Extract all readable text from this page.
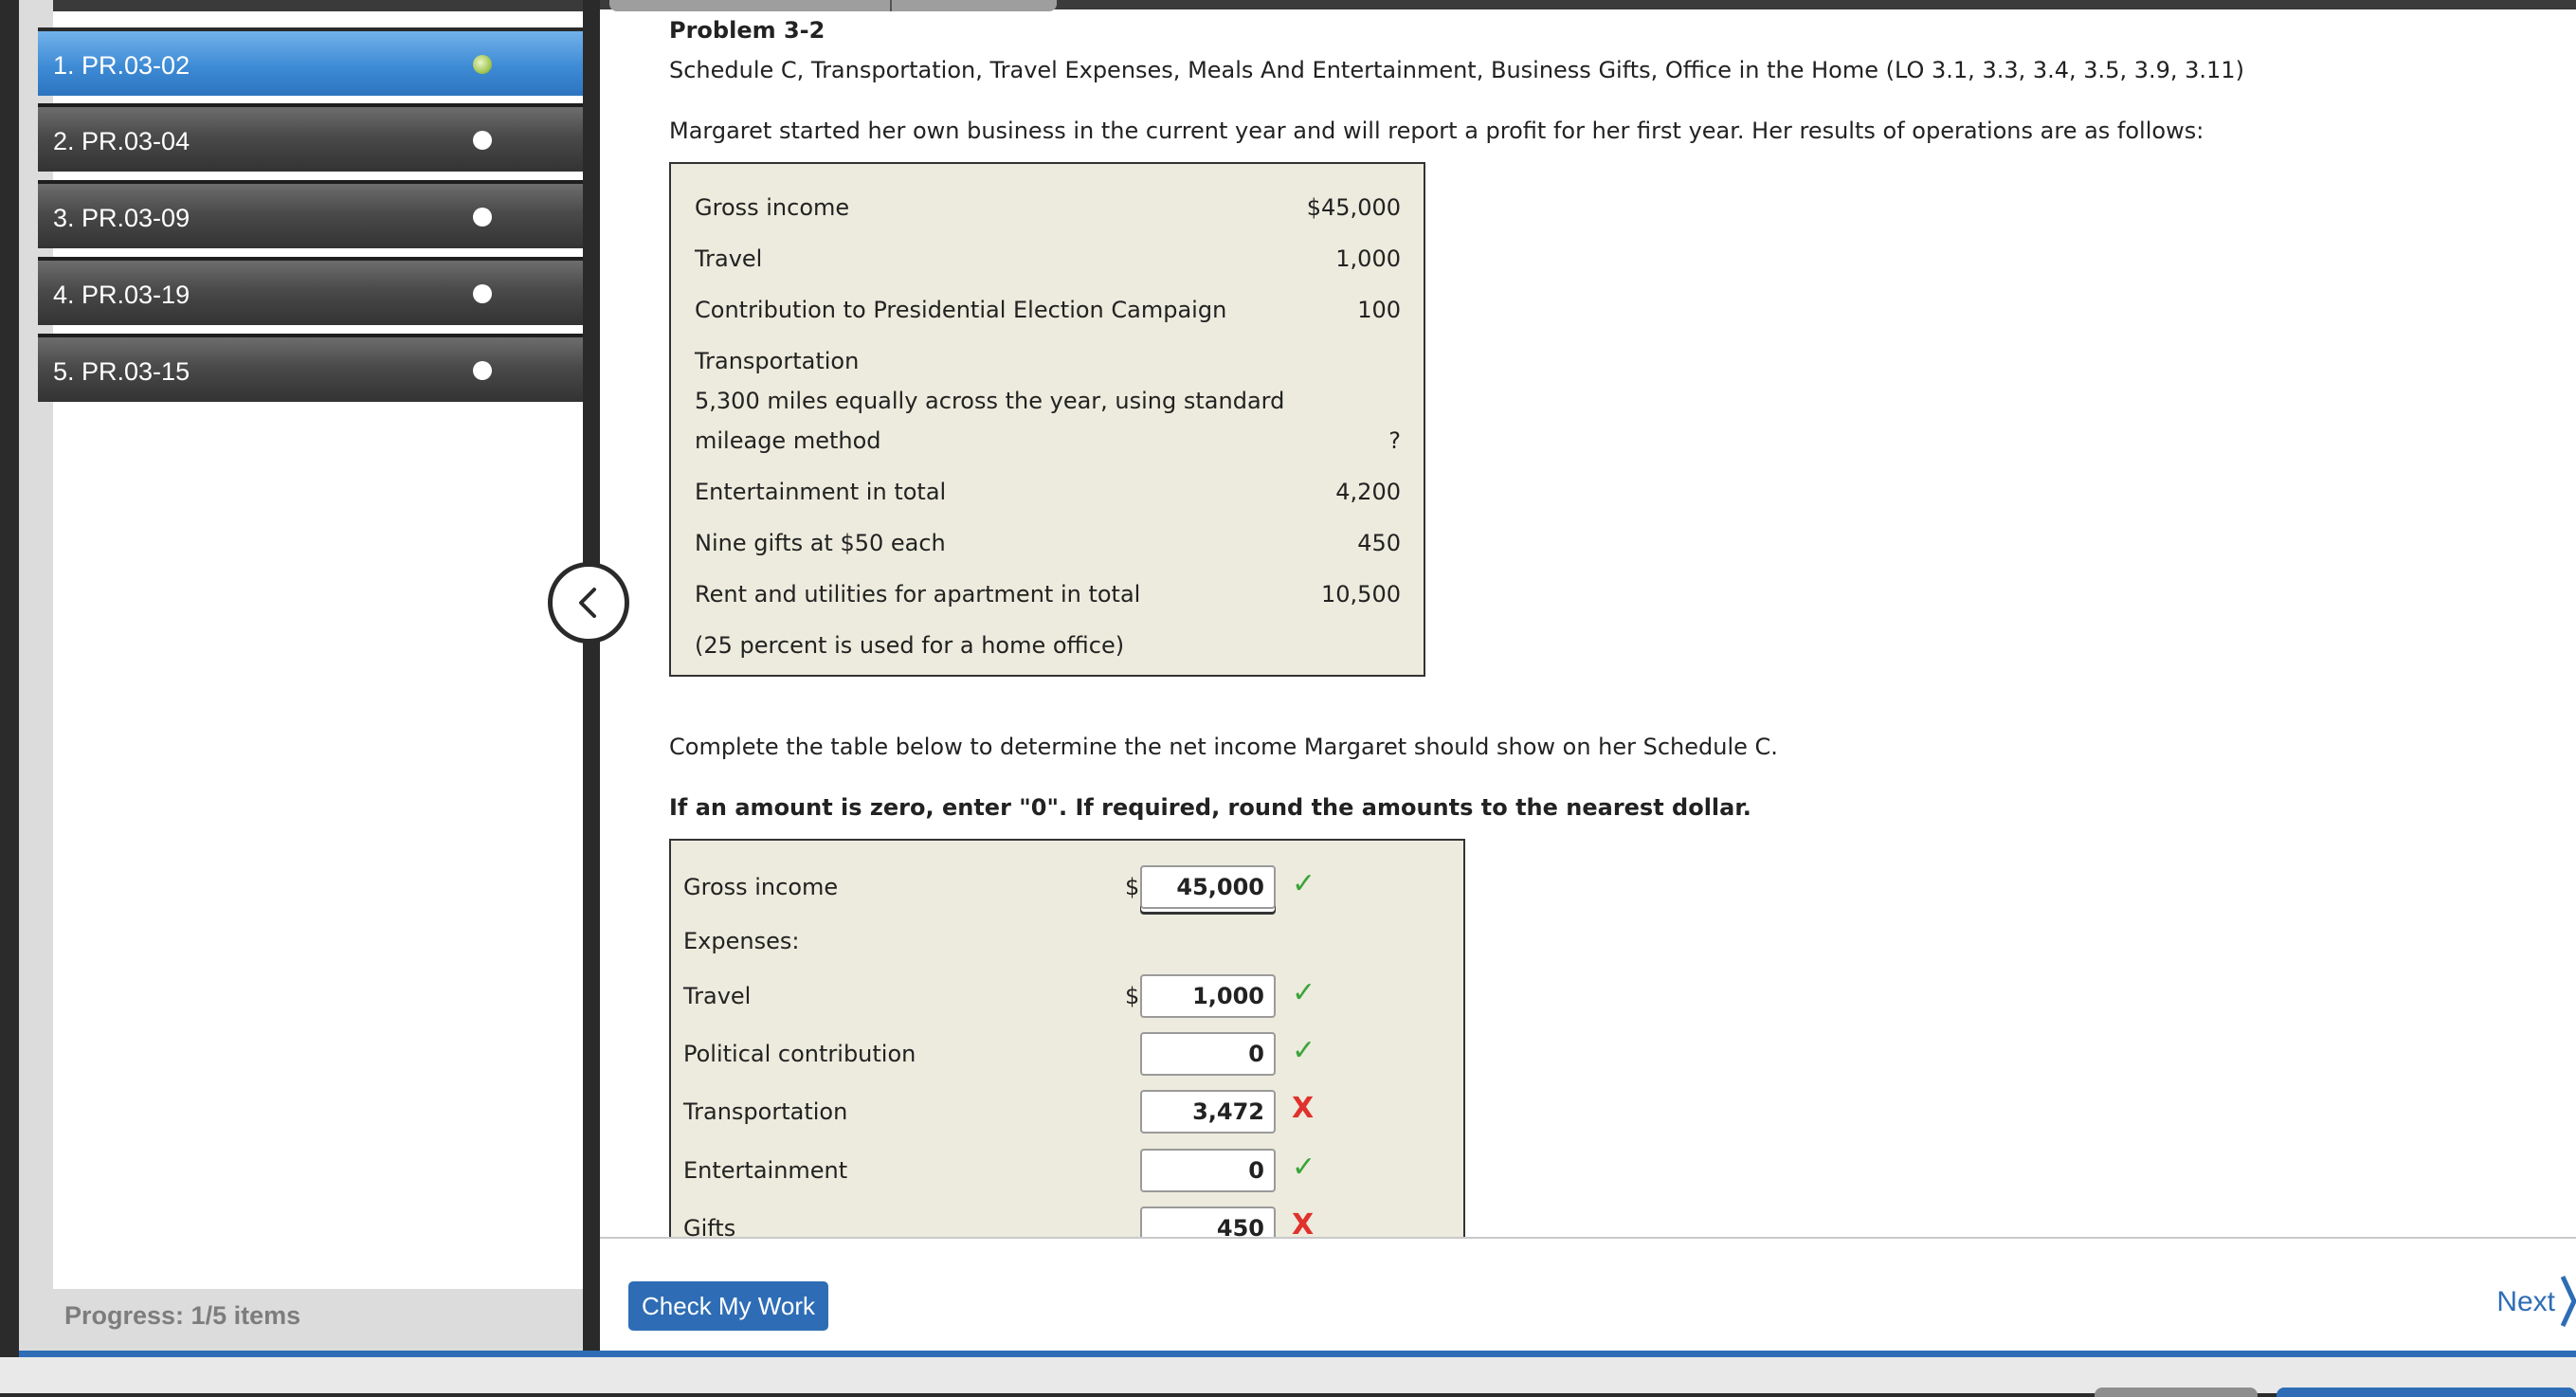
1. PR.03-02
2. PR.03-04
3. PR.03-09
4. PR.03-19
5. PR.03-15
Progress: 1/5 items
Problem 3-2
Schedule C, Transportation, Travel Expenses, Meals And Entertainment, Business Gifts, Office in the Home (LO 3.1, 3.3, 3.4, 3.5, 3.9, 3.11)
Margaret started her own business in the current year and will report a profit for her first year. Her results of operations are as follows:
Gross income	$45,000
Travel	1,000
Contribution to Presidential Election Campaign	100
Transportation
5,300 miles equally across the year, using standard
mileage method	?
Entertainment in total	4,200
Nine gifts at $50 each	450
Rent and utilities for apartment in total	10,500
(25 percent is used for a home office)
Complete the table below to determine the net income Margaret should show on her Schedule C.
If an amount is zero, enter "0". If required, round the amounts to the nearest dollar.
Gross income	$	45,000 ✓
Expenses:
Travel	$	1,000 ✓
Political contribution	0 ✓
Transportation	3,472 X
Entertainment	0 ✓
Gifts	450 X
Check My Work	Next
